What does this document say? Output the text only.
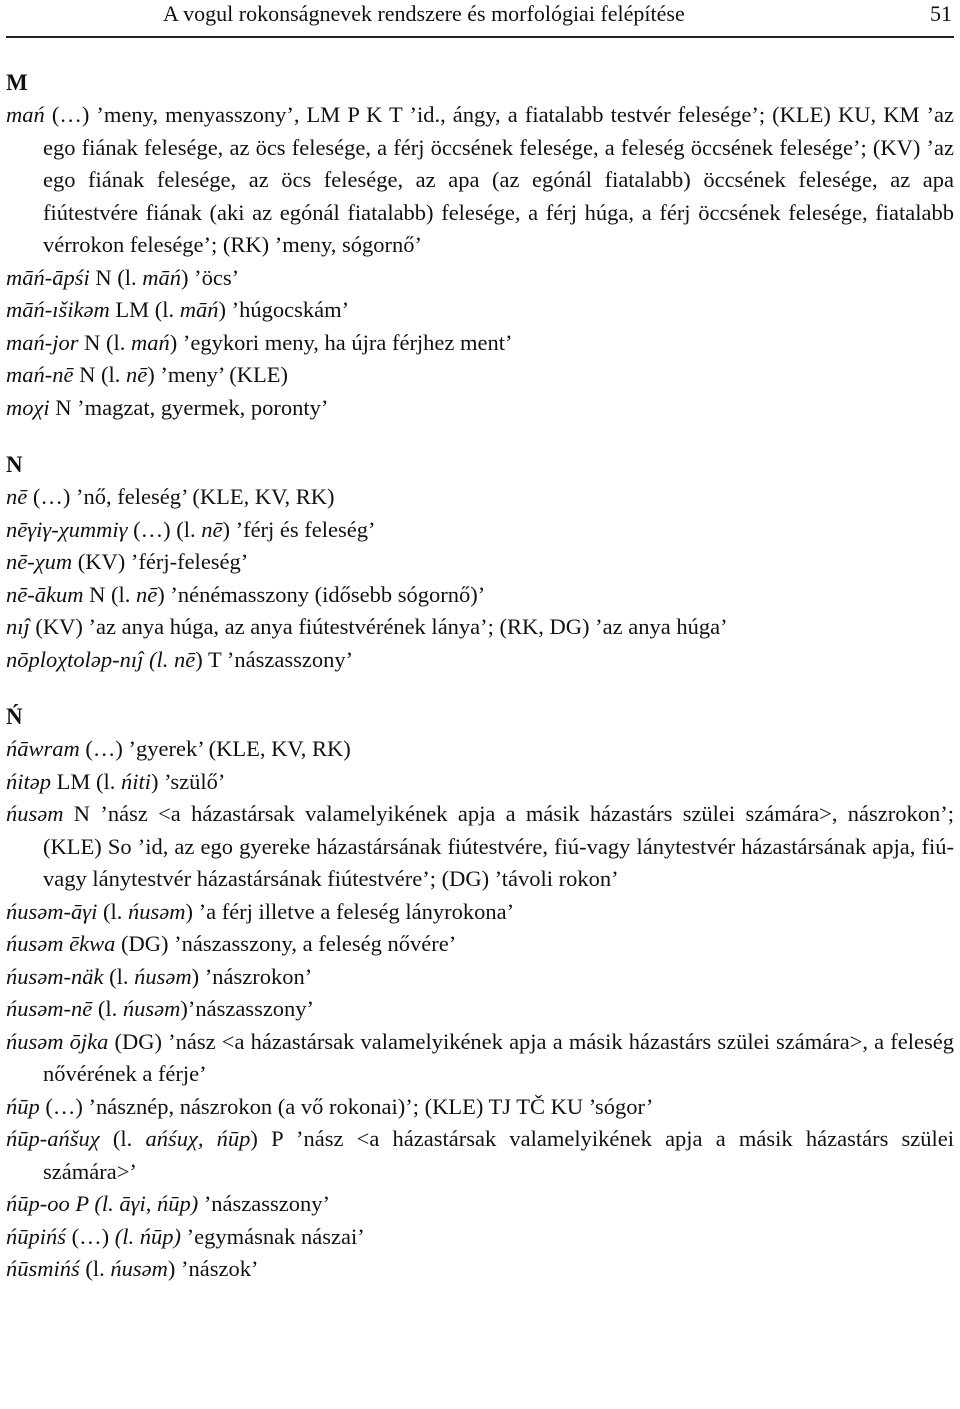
A vogul rokonságnevek rendszere és morfológiai felépítése	51
M
mań (…) ’meny, menyasszony’, LM P K T ’id., ángy, a fiatalabb testvér felesége’; (KLE) KU, KM ’az ego fiának felesége, az öcs felesége, a férj öccsének felesége, a feleség öccsének felesége’; (KV) ’az ego fiának felesége, az öcs felesége, az apa (az egónál fiatalabb) öccsének felesége, az apa fiútestvére fiának (aki az egónál fiatalabb) felesége, a férj húga, a férj öccsének felesége, fiatalabb vérrokon felesége’; (RK) ’meny, sógornő’
māń-āpśi N (l. māń) ’öcs’
māń-ıšikəm LM (l. māń) ’húgocskám’
mań-jor N (l. mań) ’egykori meny, ha újra férjhez ment’
mań-nē N (l. nē) ’meny’ (KLE)
moχi N ’magzat, gyermek, poronty’
N
nē (…) ’nő, feleség’ (KLE, KV, RK)
nēγiγ-χummiγ (…) (l. nē) ’férj és feleség’
nē-χum (KV) ’férj-feleség’
nē-ākum N (l. nē) ’nénémasszony (idősebb sógornő)’
nıĵ (KV) ’az anya húga, az anya fiútestvérének lánya’; (RK, DG) ’az anya húga’
nōploχtoləp-nıĵ (l. nē) T ’nászasszony’
Ń
ńāwram (…) ’gyerek’ (KLE, KV, RK)
ńitəp LM (l. ńiti) ’szülő’
ńusəm N ’nász <a házastársak valamelyikének apja a másik házastárs szülei számára>, nászrokon’; (KLE) So ’id, az ego gyereke házastársának fiútestvére, fiú-vagy lánytestvér házastársának apja, fiú-vagy lánytestvér házastársának fiútestvére’; (DG) ’távoli rokon’
ńusəm-āγi (l. ńusəm) ’a férj illetve a feleség lányrokona’
ńusəm ēkwa (DG) ’nászasszony, a feleség nővére’
ńusəm-näk (l. ńusəm) ’nászrokon’
ńusəm-nē (l. ńusəm)’nászasszony’
ńusəm ōjka (DG) ’nász <a házastársak valamelyikének apja a másik házastárs szülei számára>, a feleség nővérének a férje’
ńūp (…) ’násznép, nászrokon (a vő rokonai)’; (KLE) TJ TČ KU ’sógor’
ńūp-ańšuχ (l. ańśuχ, ńūp) P ’nász <a házastársak valamelyikének apja a másik házastárs szülei számára>’
ńūp-oo P (l. āγi, ńūp) ’nászasszony’
ńūpińś (…) (l. ńūp) ’egymásnak nászai’
ńūsmińś (l. ńusəm) ’nászok’
